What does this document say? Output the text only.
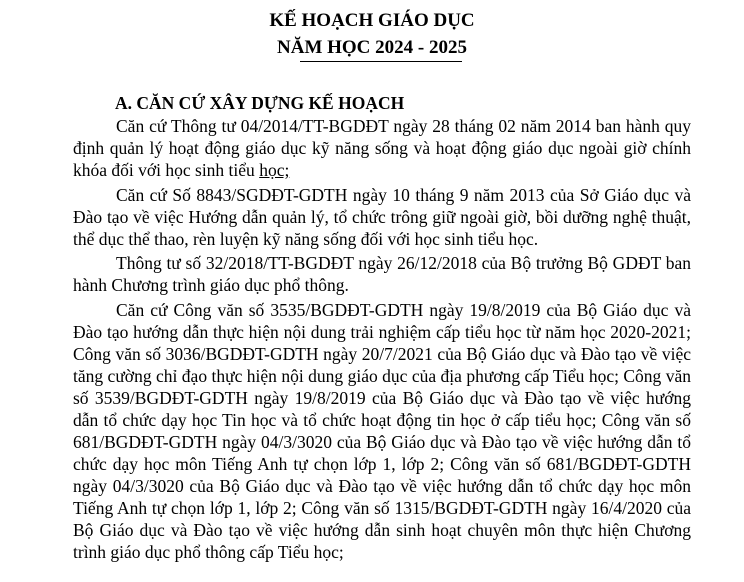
KẾ HOẠCH GIÁO DỤC
NĂM HỌC 2024 - 2025
A. CĂN CỨ XÂY DỰNG KẾ HOẠCH

Căn cứ Thông tư 04/2014/TT-BGDĐT ngày 28 tháng 02 năm 2014 ban hành quy định quản lý hoạt động giáo dục kỹ năng sống và hoạt động giáo dục ngoài giờ chính khóa đối với học sinh tiểu học;

Căn cứ Số 8843/SGDĐT-GDTH ngày 10 tháng 9 năm 2013 của Sở Giáo dục và Đào tạo về việc Hướng dẫn quản lý, tổ chức trông giữ ngoài giờ, bồi dưỡng nghệ thuật, thể dục thể thao, rèn luyện kỹ năng sống đối với học sinh tiểu học.

Thông tư số 32/2018/TT-BGDĐT ngày 26/12/2018 của Bộ trưởng Bộ GDĐT ban hành Chương trình giáo dục phổ thông.

Căn cứ Công văn số 3535/BGDĐT-GDTH ngày 19/8/2019 của Bộ Giáo dục và Đào tạo hướng dẫn thực hiện nội dung trải nghiệm cấp tiểu học từ năm học 2020-2021; Công văn số 3036/BGDĐT-GDTH ngày 20/7/2021 của Bộ Giáo dục và Đào tạo về việc tăng cường chỉ đạo thực hiện nội dung giáo dục của địa phương cấp Tiểu học; Công văn số 3539/BGDĐT-GDTH ngày 19/8/2019 của Bộ Giáo dục và Đào tạo về việc hướng dẫn tổ chức dạy học Tin học và tổ chức hoạt động tin học ở cấp tiểu học; Công văn số 681/BGDĐT-GDTH ngày 04/3/3020 của Bộ Giáo dục và Đào tạo về việc hướng dẫn tổ chức dạy học môn Tiếng Anh tự chọn lớp 1, lớp 2; Công văn số 681/BGDĐT-GDTH ngày 04/3/3020 của Bộ Giáo dục và Đào tạo về việc hướng dẫn tổ chức dạy học môn Tiếng Anh tự chọn lớp 1, lớp 2; Công văn số 1315/BGDĐT-GDTH ngày 16/4/2020 của Bộ Giáo dục và Đào tạo về việc hướng dẫn sinh hoạt chuyên môn thực hiện Chương trình giáo dục phổ thông cấp Tiểu học;
